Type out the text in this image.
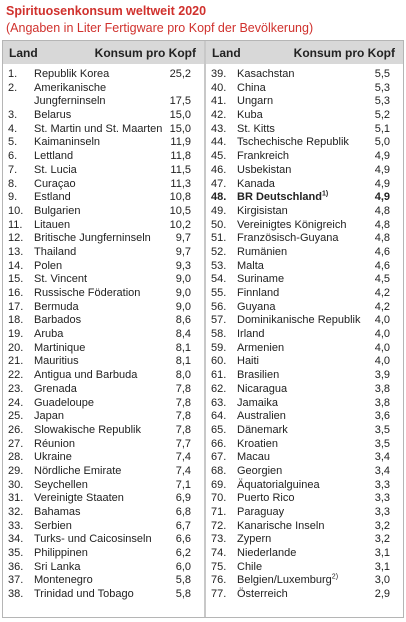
Spirituosenkonsum weltweit 2020
(Angaben in Liter Fertigware pro Kopf der Bevölkerung)
Land	Konsum pro Kopf Land	Konsum pro Kopf
1. Republik Korea	25,2
2. Amerikanische
Jungferninseln	17,5
3. Belarus	15,0
4. St. Martin und St. Maarten 15,0
5. Kaimaninseln	11,9
6. Lettland	11,8
7. St. Lucia	11,5
8. Curaçao	11,3
9. Estland	10,8
10. Bulgarien	10,5
11. Litauen	10,2
12. Britische Jungferninseln 9,7
13. Thailand	9,7
14. Polen	9,3
15. St. Vincent	9,0
16. Russische Föderation	9,0
17. Bermuda	9,0
18. Barbados	8,6
19. Aruba	8,4
20. Martinique	8,1
21. Mauritius	8,1
22. Antigua und Barbuda	8,0
23. Grenada	7,8
24. Guadeloupe	7,8
25. Japan	7,8
26. Slowakische Republik	7,8
27. Réunion	7,7
28. Ukraine	7,4
29. Nördliche Emirate	7,4
30. Seychellen	7,1
31. Vereinigte Staaten	6,9
32. Bahamas	6,8
33. Serbien	6,7
34. Turks- und Caicosinseln 6,6
35. Philippinen	6,2
36. Sri Lanka	6,0
37. Montenegro	5,8
38. Trinidad und Tobago	5,8
39. Kasachstan	5,5
40. China	5,3
41. Ungarn	5,3
42. Kuba	5,2
43. St. Kitts	5,1
44. Tschechische Republik 5,0
45. Frankreich	4,9
46. Usbekistan	4,9
47. Kanada	4,9
48. BR Deutschland$^{1)}$	4,9
49. Kirgisistan	4,8
50. Vereinigtes Königreich	4,8
51. Französisch-Guyana	4,8
52. Rumänien	4,6
53. Malta	4,6
54. Suriname	4,5
55. Finnland	4,2
56. Guyana	4,2
57. Dominikanische Republik 4,0
58. Irland	4,0
59. Armenien	4,0
60. Haiti	4,0
61. Brasilien	3,9
62. Nicaragua	3,8
63. Jamaika	3,8
64. Australien	3,6
65. Dänemark	3,5
66. Kroatien	3,5
67. Macau	3,4
68. Georgien	3,4
69. Äquatorialguinea	3,3
70. Puerto Rico	3,3
71. Paraguay	3,3
72. Kanarische Inseln	3,2
73. Zypern	3,2
74. Niederlande	3,1
75. Chile	3,1
76. Belgien/Luxemburg$^{2)}$	3,0
77. Österreich	2,9
